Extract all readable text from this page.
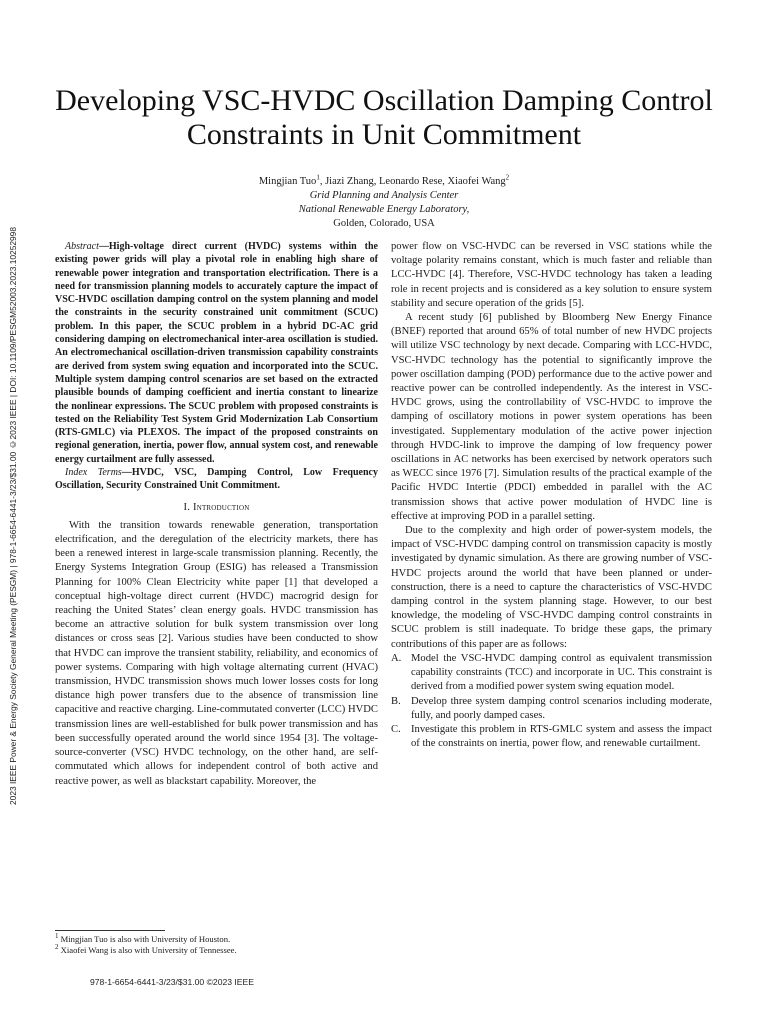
2023 IEEE Power & Energy Society General Meeting (PESGM) | 978-1-6654-6441-3/23/$31.00 ©2023 IEEE | DOI: 10.1109/PESGM52003.2023.10252998
Developing VSC-HVDC Oscillation Damping Control Constraints in Unit Commitment
Mingjian Tuo$^1$, Jiazi Zhang, Leonardo Rese, Xiaofei Wang$^2$
Grid Planning and Analysis Center
National Renewable Energy Laboratory,
Golden, Colorado, USA

Abstract—High-voltage direct current (HVDC) systems within the existing power grids will play a pivotal role in enabling high share of renewable power integration and transportation electrification. There is a need for transmission planning models to accurately capture the impact of VSC-HVDC oscillation damping control on the system planning and model the constraints in the security constrained unit commitment (SCUC) problem. In this paper, the SCUC problem in a hybrid DC-AC grid considering damping on electromechanical inter-area oscillation is studied. An electromechanical oscillation-driven transmission capability constraints are derived from system swing equation and incorporated into the SCUC. Multiple system damping control scenarios are set based on the extracted plausible bounds of damping coefficient and inertia constant to linearize the nonlinear expressions. The SCUC problem with proposed constraints is tested on the Reliability Test System Grid Modernization Lab Consortium (RTS-GMLC) via PLEXOS. The impact of the proposed constraints on regional generation, inertia, power flow, annual system cost, and renewable energy curtailment are fully assessed.

Index Terms—HVDC, VSC, Damping Control, Low Frequency Oscillation, Security Constrained Unit Commitment.

I. Introduction

With the transition towards renewable generation, transportation electrification, and the deregulation of the electricity markets, there has been a renewed interest in large-scale transmission planning. Recently, the Energy Systems Integration Group (ESIG) has released a Transmission Planning for 100% Clean Electricity white paper [1] that developed a conceptual high-voltage direct current (HVDC) macrogrid design for reaching the United States’ clean energy goals. HVDC transmission has become an attractive solution for bulk system transmission over long distances or cross seas [2]. Various studies have been conducted to show that HVDC can improve the transient stability, reliability, and economics of power systems. Comparing with high voltage alternating current (HVAC) transmission, HVDC transmission shows much lower losses costs for long distance high power transfers due to the absence of transmission line capacitive and reactive charging. Line-commutated converter (LCC) HVDC transmission lines are well-established for bulk power transmission and has been successfully operated around the world since 1954 [3]. The voltage-source-converter (VSC) HVDC technology, on the other hand, are self-commutated which allows for independent control of both active and reactive power, as well as blackstart capability. Moreover, the

power flow on VSC-HVDC can be reversed in VSC stations while the voltage polarity remains constant, which is much faster and reliable than LCC-HVDC [4]. Therefore, VSC-HVDC technology has taken a leading role in recent projects and is considered as a key solution to ensure system stability and secure operation of the grids [5].

A recent study [6] published by Bloomberg New Energy Finance (BNEF) reported that around 65% of total number of new HVDC projects will utilize VSC technology by next decade. Comparing with LCC-HVDC, VSC-HVDC technology has the potential to significantly improve the power oscillation damping (POD) performance due to the active power and reactive power can be controlled independently. As the interest in VSC-HVDC grows, using the controllability of VSC-HVDC to improve the damping of oscillatory motions in power system operations has been investigated. Supplementary modulation of the active power injection through HVDC-link to improve the damping of low frequency power oscillations in AC networks has been exercised by network operators such as WECC since 1976 [7]. Simulation results of the practical example of the Pacific HVDC Intertie (PDCI) embedded in parallel with the AC transmission shows that active power modulation of HVDC line is effective at improving POD in a parallel setting.

Due to the complexity and high order of power-system models, the impact of VSC-HVDC damping control on transmission capacity is mostly investigated by dynamic simulation. As there are growing number of VSC-HVDC projects around the world that have been planned or under-construction, there is a need to capture the characteristics of VSC-HVDC damping control in the system planning stage. However, to our best knowledge, the modeling of VSC-HVDC damping control constraints in SCUC problem is still inadequate. To bridge these gaps, the primary contributions of this paper are as follows:

A. Model the VSC-HVDC damping control as equivalent transmission capability constraints (TCC) and incorporate in UC. This constraint is derived from a modified power system swing equation model.
B. Develop three system damping control scenarios including moderate, fully, and poorly damped cases.
C. Investigate this problem in RTS-GMLC system and assess the impact of the constraints on inertia, power flow, and renewable curtailment.
$^1$ Mingjian Tuo is also with University of Houston.
$^2$ Xiaofei Wang is also with University of Tennessee.
978-1-6654-6441-3/23/$31.00 ©2023 IEEE
